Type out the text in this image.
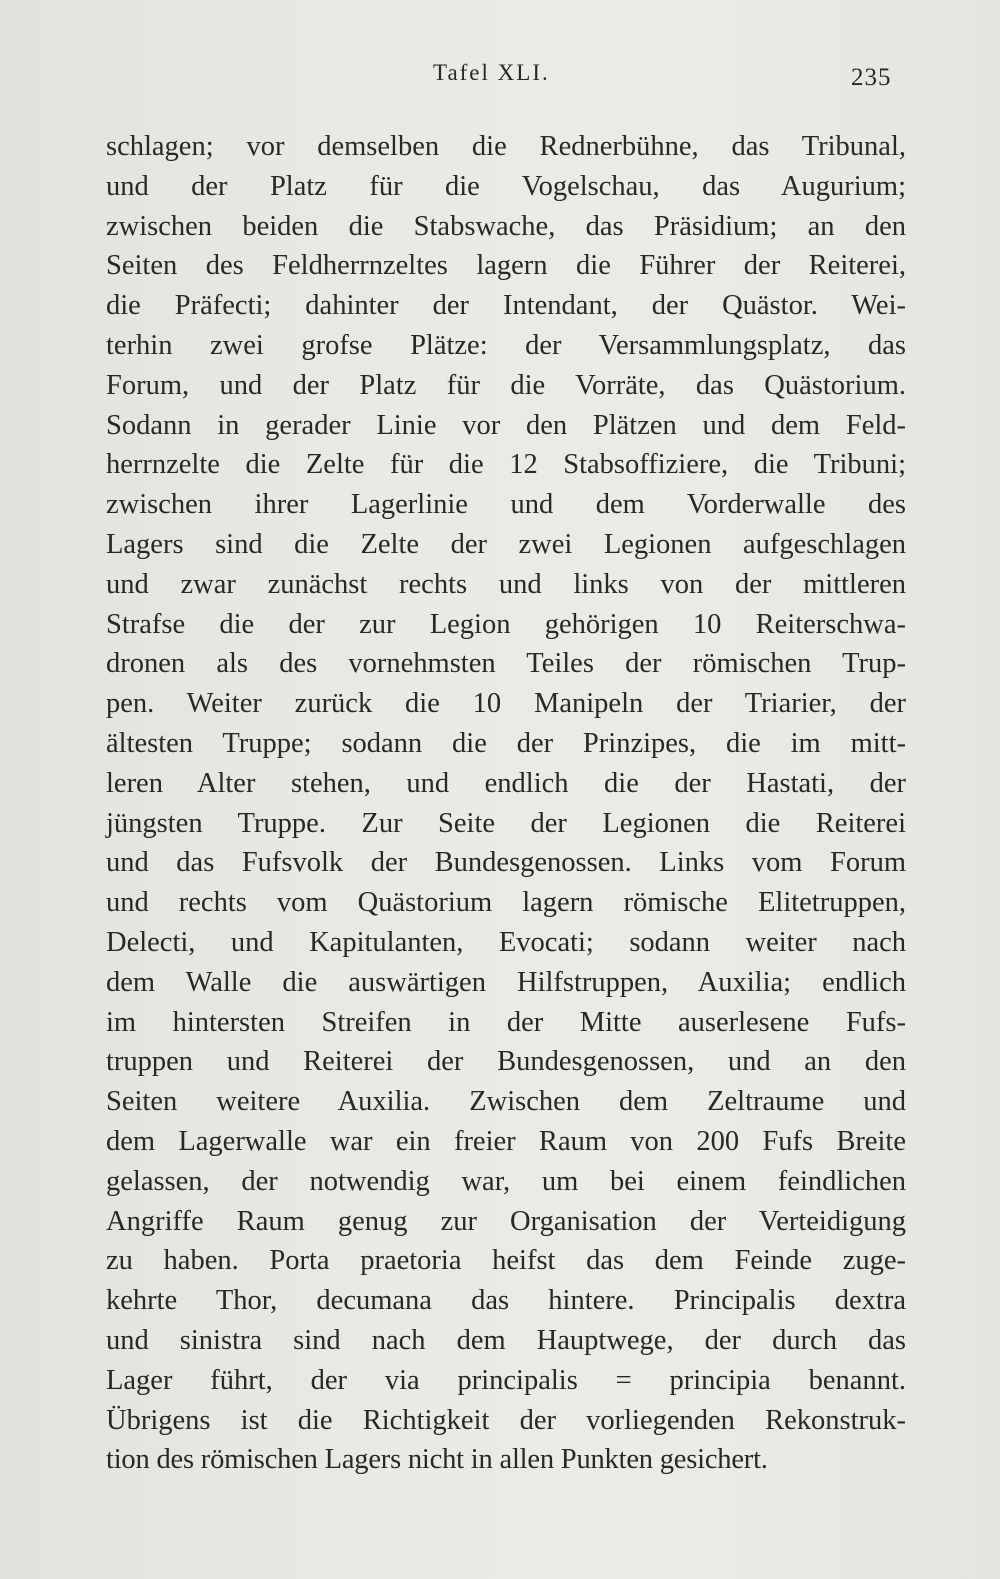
Tafel XLI.	235
schlagen; vor demselben die Rednerbühne, das Tribunal,
und der Platz für die Vogelschau, das Augurium;
zwischen beiden die Stabswache, das Präsidium; an den
Seiten des Feldherrnzeltes lagern die Führer der Reiterei,
die Präfecti; dahinter der Intendant, der Quästor. Wei-
terhin zwei grofse Plätze: der Versammlungsplatz, das
Forum, und der Platz für die Vorräte, das Quästorium.
Sodann in gerader Linie vor den Plätzen und dem Feld-
herrnzelte die Zelte für die 12 Stabsoffiziere, die Tribuni;
zwischen ihrer Lagerlinie und dem Vorderwalle des
Lagers sind die Zelte der zwei Legionen aufgeschlagen
und zwar zunächst rechts und links von der mittleren
Strafse die der zur Legion gehörigen 10 Reiterschwa-
dronen als des vornehmsten Teiles der römischen Trup-
pen. Weiter zurück die 10 Manipeln der Triarier, der
ältesten Truppe; sodann die der Prinzipes, die im mitt-
leren Alter stehen, und endlich die der Hastati, der
jüngsten Truppe. Zur Seite der Legionen die Reiterei
und das Fufsvolk der Bundesgenossen. Links vom Forum
und rechts vom Quästorium lagern römische Elitetruppen,
Delecti, und Kapitulanten, Evocati; sodann weiter nach
dem Walle die auswärtigen Hilfstruppen, Auxilia; endlich
im hintersten Streifen in der Mitte auserlesene Fufs-
truppen und Reiterei der Bundesgenossen, und an den
Seiten weitere Auxilia. Zwischen dem Zeltraume und
dem Lagerwalle war ein freier Raum von 200 Fufs Breite
gelassen, der notwendig war, um bei einem feindlichen
Angriffe Raum genug zur Organisation der Verteidigung
zu haben. Porta praetoria heifst das dem Feinde zuge-
kehrte Thor, decumana das hintere. Principalis dextra
und sinistra sind nach dem Hauptwege, der durch das
Lager führt, der via principalis = principia benannt.
Übrigens ist die Richtigkeit der vorliegenden Rekonstruk-
tion des römischen Lagers nicht in allen Punkten gesichert.
